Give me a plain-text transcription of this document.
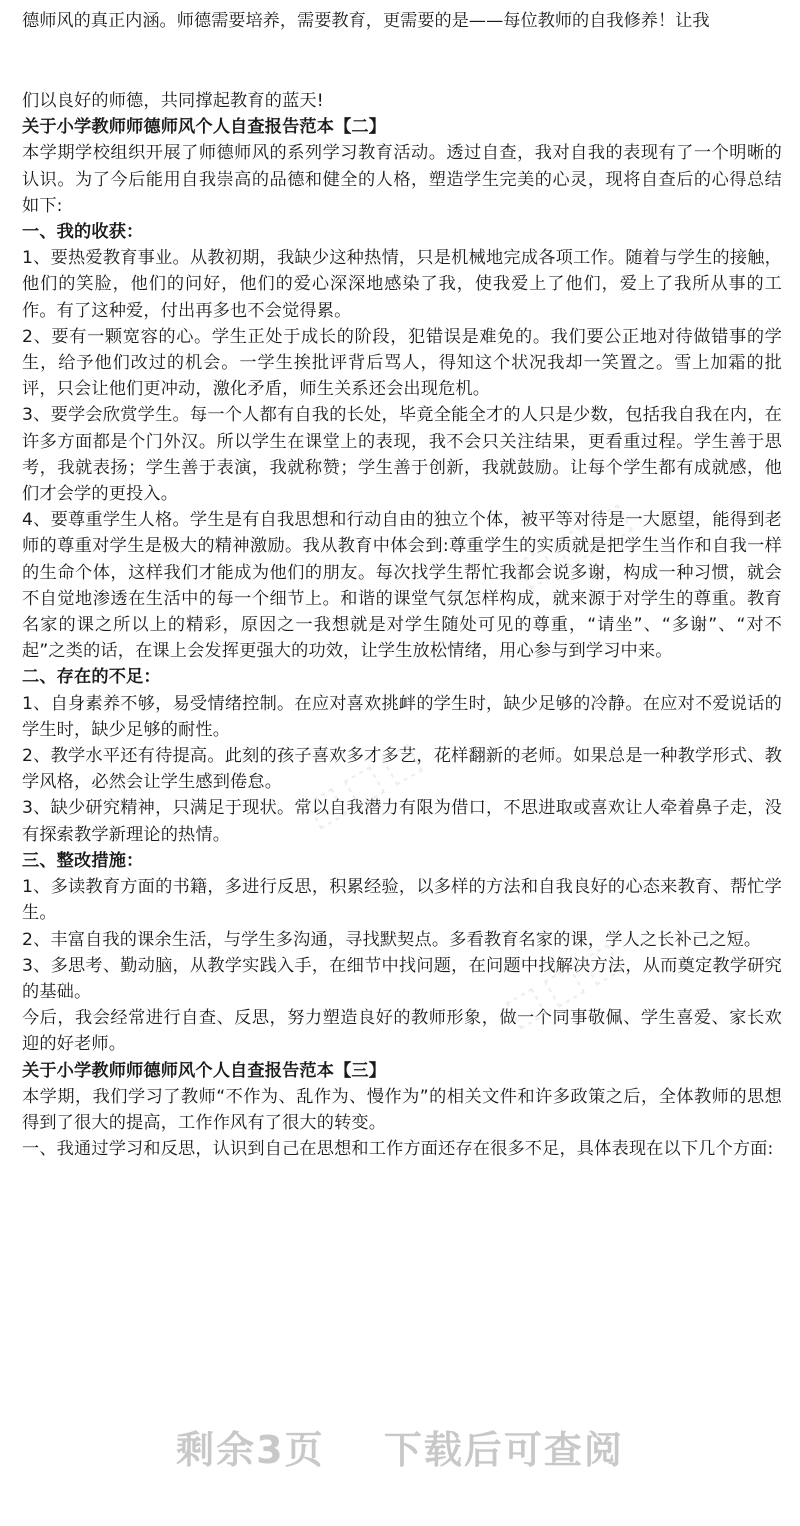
德师风的真正内涵。师德需要培养，需要教育，更需要的是——每位教师的自我修养！让我

们以良好的师德，共同撑起教育的蓝天!

关于小学教师师德师风个人自查报告范本【二】

本学期学校组织开展了师德师风的系列学习教育活动。透过自查，我对自我的表现有了一个明晰的认识。为了今后能用自我崇高的品德和健全的人格，塑造学生完美的心灵，现将自查后的心得总结如下:

一、我的收获：

1、要热爱教育事业。从教初期，我缺少这种热情，只是机械地完成各项工作。随着与学生的接触，他们的笑脸，他们的问好，他们的爱心深深地感染了我，使我爱上了他们，爱上了我所从事的工作。有了这种爱，付出再多也不会觉得累。

2、要有一颗宽容的心。学生正处于成长的阶段，犯错误是难免的。我们要公正地对待做错事的学生，给予他们改过的机会。一学生挨批评背后骂人，得知这个状况我却一笑置之。雪上加霜的批评，只会让他们更冲动，激化矛盾，师生关系还会出现危机。

3、要学会欣赏学生。每一个人都有自我的长处，毕竟全能全才的人只是少数，包括我自我在内，在许多方面都是个门外汉。所以学生在课堂上的表现，我不会只关注结果，更看重过程。学生善于思考，我就表扬；学生善于表演，我就称赞；学生善于创新，我就鼓励。让每个学生都有成就感，他们才会学的更投入。

4、要尊重学生人格。学生是有自我思想和行动自由的独立个体，被平等对待是一大愿望，能得到老师的尊重对学生是极大的精神激励。我从教育中体会到:尊重学生的实质就是把学生当作和自我一样的生命个体，这样我们才能成为他们的朋友。每次找学生帮忙我都会说多谢，构成一种习惯，就会不自觉地渗透在生活中的每一个细节上。和谐的课堂气氛怎样构成，就来源于对学生的尊重。教育名家的课之所以上的精彩，原因之一我想就是对学生随处可见的尊重，“请坐”、“多谢”、“对不起”之类的话，在课上会发挥更强大的功效，让学生放松情绪，用心参与到学习中来。

二、存在的不足：

1、自身素养不够，易受情绪控制。在应对喜欢挑衅的学生时，缺少足够的冷静。在应对不爱说话的学生时，缺少足够的耐性。

2、教学水平还有待提高。此刻的孩子喜欢多才多艺，花样翻新的老师。如果总是一种教学形式、教学风格，必然会让学生感到倦怠。

3、缺少研究精神，只满足于现状。常以自我潜力有限为借口，不思进取或喜欢让人牵着鼻子走，没有探索教学新理论的热情。

三、整改措施：

1、多读教育方面的书籍，多进行反思，积累经验，以多样的方法和自我良好的心态来教育、帮忙学生。

2、丰富自我的课余生活，与学生多沟通，寻找默契点。多看教育名家的课，学人之长补己之短。

3、多思考、勤动脑，从教学实践入手，在细节中找问题，在问题中找解决方法，从而奠定教学研究的基础。

今后，我会经常进行自查、反思，努力塑造良好的教师形象，做一个同事敬佩、学生喜爱、家长欢迎的好老师。

关于小学教师师德师风个人自查报告范本【三】

本学期，我们学习了教师“不作为、乱作为、慢作为”的相关文件和许多政策之后，全体教师的思想得到了很大的提高，工作作风有了很大的转变。

一、我通过学习和反思，认识到自己在思想和工作方面还存在很多不足，具体表现在以下几个方面:

⬚⬚⬚
⬚⬚⬚
⬚⬚⬚
剩余3页 下载后可查阅
